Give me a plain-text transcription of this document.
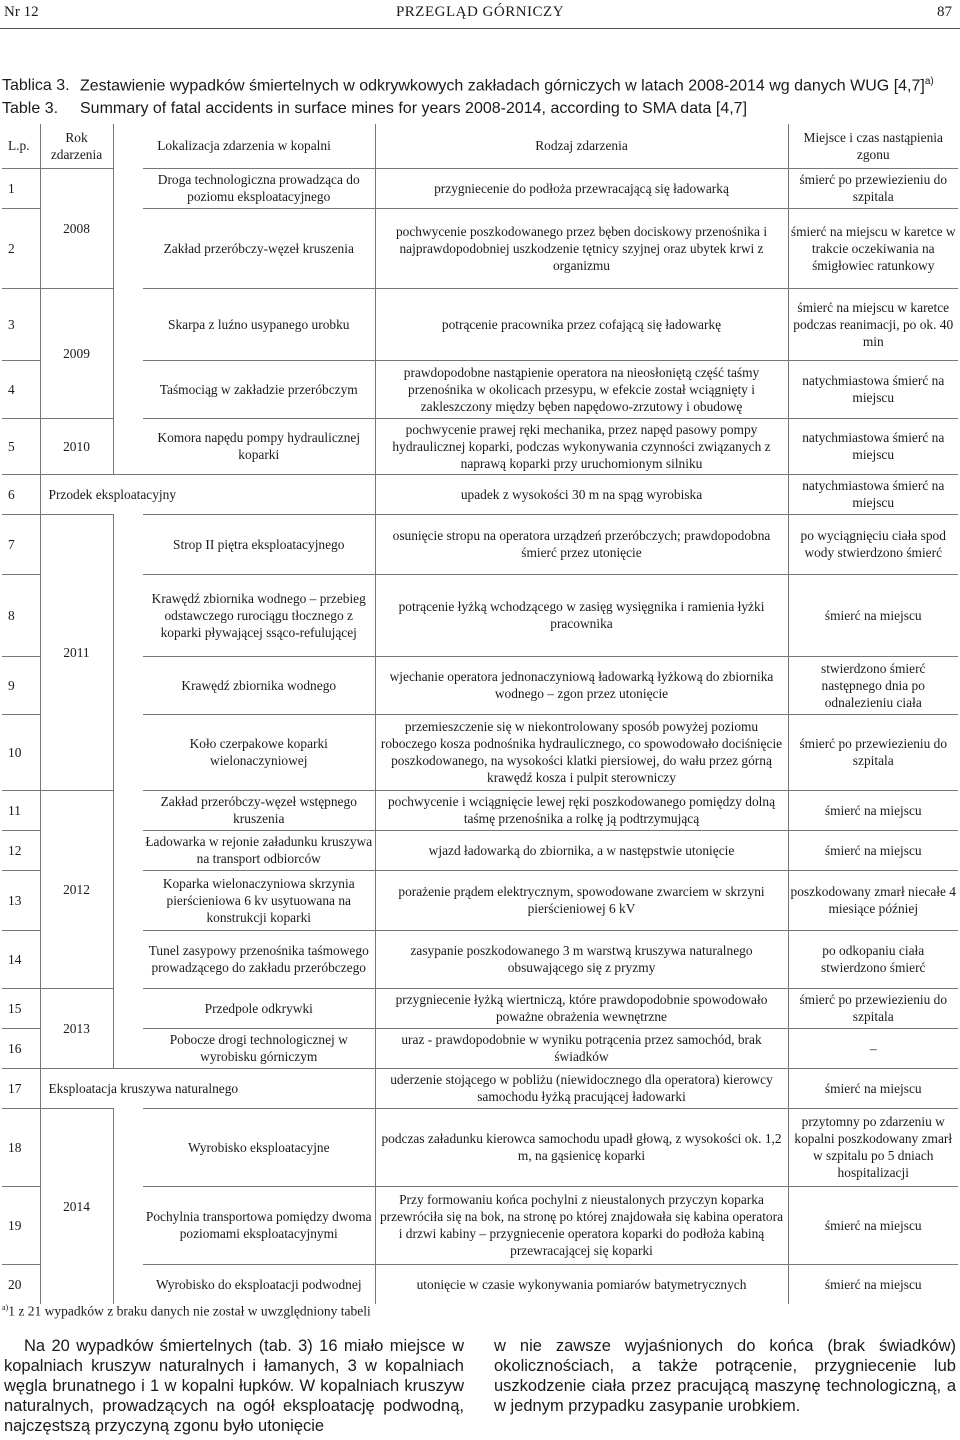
Nr 12	PRZEGLĄD GÓRNICZY	87
Tablica 3. Zestawienie wypadków śmiertelnych w odkrywkowych zakładach górniczych w latach 2008-2014 wg danych WUG $[4,7]^{a)}$
Table 3. Summary of fatal accidents in surface mines for years 2008-2014, according to SMA data [4,7]
L.p.	Rok zdarzenia	Lokalizacja zdarzenia w kopalni		Rodzaj zdarzenia	Miejsce i czas nastąpienia zgonu
1	2008		Droga technologiczna prowadząca do poziomu eksploatacyjnego	przygniecenie do podłoża przewracającą się ładowarką	śmierć po przewiezieniu do szpitala
2			Zakład przeróbczy-węzeł kruszenia	pochwycenie poszkodowanego przez bęben dociskowy przenośnika i najprawdopodobniej uszkodzenie tętnicy szyjnej oraz ubytek krwi z organizmu	śmierć na miejscu w karetce w trakcie oczekiwania na śmigłowiec ratunkowy
3	2009		Skarpa z luźno usypanego urobku	potrącenie pracownika przez cofającą się ładowarkę	śmierć na miejscu w karetce podczas reanimacji, po ok. 40 min
4			Taśmociąg w zakładzie przeróbczym	prawdopodobne nastąpienie operatora na nieosłoniętą część taśmy przenośnika w okolicach przesypu, w efekcie został wciągnięty i zakleszczony między bęben napędowo-zrzutowy i obudowę	natychmiastowa śmierć na miejscu
5	2010		Komora napędu pompy hydraulicznej koparki	pochwycenie prawej ręki mechanika, przez napęd pasowy pompy hydraulicznej koparki, podczas wykonywania czynności związanych z naprawą koparki przy uruchomionym silniku	natychmiastowa śmierć na miejscu
6	Przodek eksploatacyjny			upadek z wysokości 30 m na spąg wyrobiska	natychmiastowa śmierć na miejscu
7	2011		Strop II piętra eksploatacyjnego	osunięcie stropu na operatora urządzeń przeróbczych; prawdopodobna śmierć przez utonięcie	po wyciągnięciu ciała spod wody stwierdzono śmierć
8			Krawędź zbiornika wodnego – przebieg odstawczego rurociągu tłocznego z koparki pływającej ssąco-refulującej	potrącenie łyżką wchodzącego w zasięg wysięgnika i ramienia łyżki pracownika	śmierć na miejscu
9			Krawędź zbiornika wodnego	wjechanie operatora jednonaczyniową ładowarką łyżkową do zbiornika wodnego – zgon przez utonięcie	stwierdzono śmierć następnego dnia po odnalezieniu ciała
10			Koło czerpakowe koparki wielonaczyniowej	przemieszczenie się w niekontrolowany sposób powyżej poziomu roboczego kosza podnośnika hydraulicznego, co spowodowało dociśnięcie poszkodowanego, na wysokości klatki piersiowej, do wału przez górną krawędź kosza i pulpit sterowniczy	śmierć po przewiezieniu do szpitala
11	2012		Zakład przeróbczy-węzeł wstępnego kruszenia	pochwycenie i wciągnięcie lewej ręki poszkodowanego pomiędzy dolną taśmę przenośnika a rolkę ją podtrzymującą	śmierć na miejscu
12			Ładowarka w rejonie załadunku kruszywa na transport odbiorców	wjazd ładowarką do zbiornika, a w następstwie utonięcie	śmierć na miejscu
13			Koparka wielonaczyniowa skrzynia pierścieniowa 6 kv usytuowana na konstrukcji koparki	porażenie prądem elektrycznym, spowodowane zwarciem w skrzyni pierścieniowej 6 kV	poszkodowany zmarł niecałe 4 miesiące później
14			Tunel zasypowy przenośnika taśmowego prowadzącego do zakładu przeróbczego	zasypanie poszkodowanego 3 m warstwą kruszywa naturalnego obsuwającego się z pryzmy	po odkopaniu ciała stwierdzono śmierć
15	2013		Przedpole odkrywki	przygniecenie łyżką wiertniczą, które prawdopodobnie spowodowało poważne obrażenia wewnętrzne	śmierć po przewiezieniu do szpitala
16			Pobocze drogi technologicznej w wyrobisku górniczym	uraz - prawdopodobnie w wyniku potrącenia przez samochód, brak świadków	–
17	Eksploatacja kruszywa naturalnego			uderzenie stojącego w pobliżu (niewidocznego dla operatora) kierowcy samochodu łyżką pracującej ładowarki	śmierć na miejscu
18	2014		Wyrobisko eksploatacyjne	podczas załadunku kierowca samochodu upadł głową, z wysokości ok. 1,2 m, na gąsienicę koparki	przytomny po zdarzeniu w kopalni poszkodowany zmarł w szpitalu po 5 dniach hospitalizacji
19			Pochylnia transportowa pomiędzy dwoma poziomami eksploatacyjnymi	Przy formowaniu końca pochylni z nieustalonych przyczyn koparka przewróciła się na bok, na stronę po której znajdowała się kabina operatora i drzwi kabiny – przygniecenie operatora koparki do podłoża kabiną przewracającej się koparki	śmierć na miejscu
20			Wyrobisko do eksploatacji podwodnej	utonięcie w czasie wykonywania pomiarów batymetrycznych	śmierć na miejscu
$^{a)}$1 z 21 wypadków z braku danych nie został w uwzględniony tabeli
Na 20 wypadków śmiertelnych (tab. 3) 16 miało miejsce w kopalniach kruszyw naturalnych i łamanych, 3 w kopalniach węgla brunatnego i 1 w kopalni łupków. W kopalniach kruszyw naturalnych, prowadzących na ogół eksploatację podwodną, najczęstszą przyczyną zgonu było utonięcie
w nie zawsze wyjaśnionych do końca (brak świadków) okolicznościach, a także potrącenie, przygniecenie lub uszkodzenie ciała przez pracującą maszynę technologiczną, a w jednym przypadku zasypanie urobkiem.
